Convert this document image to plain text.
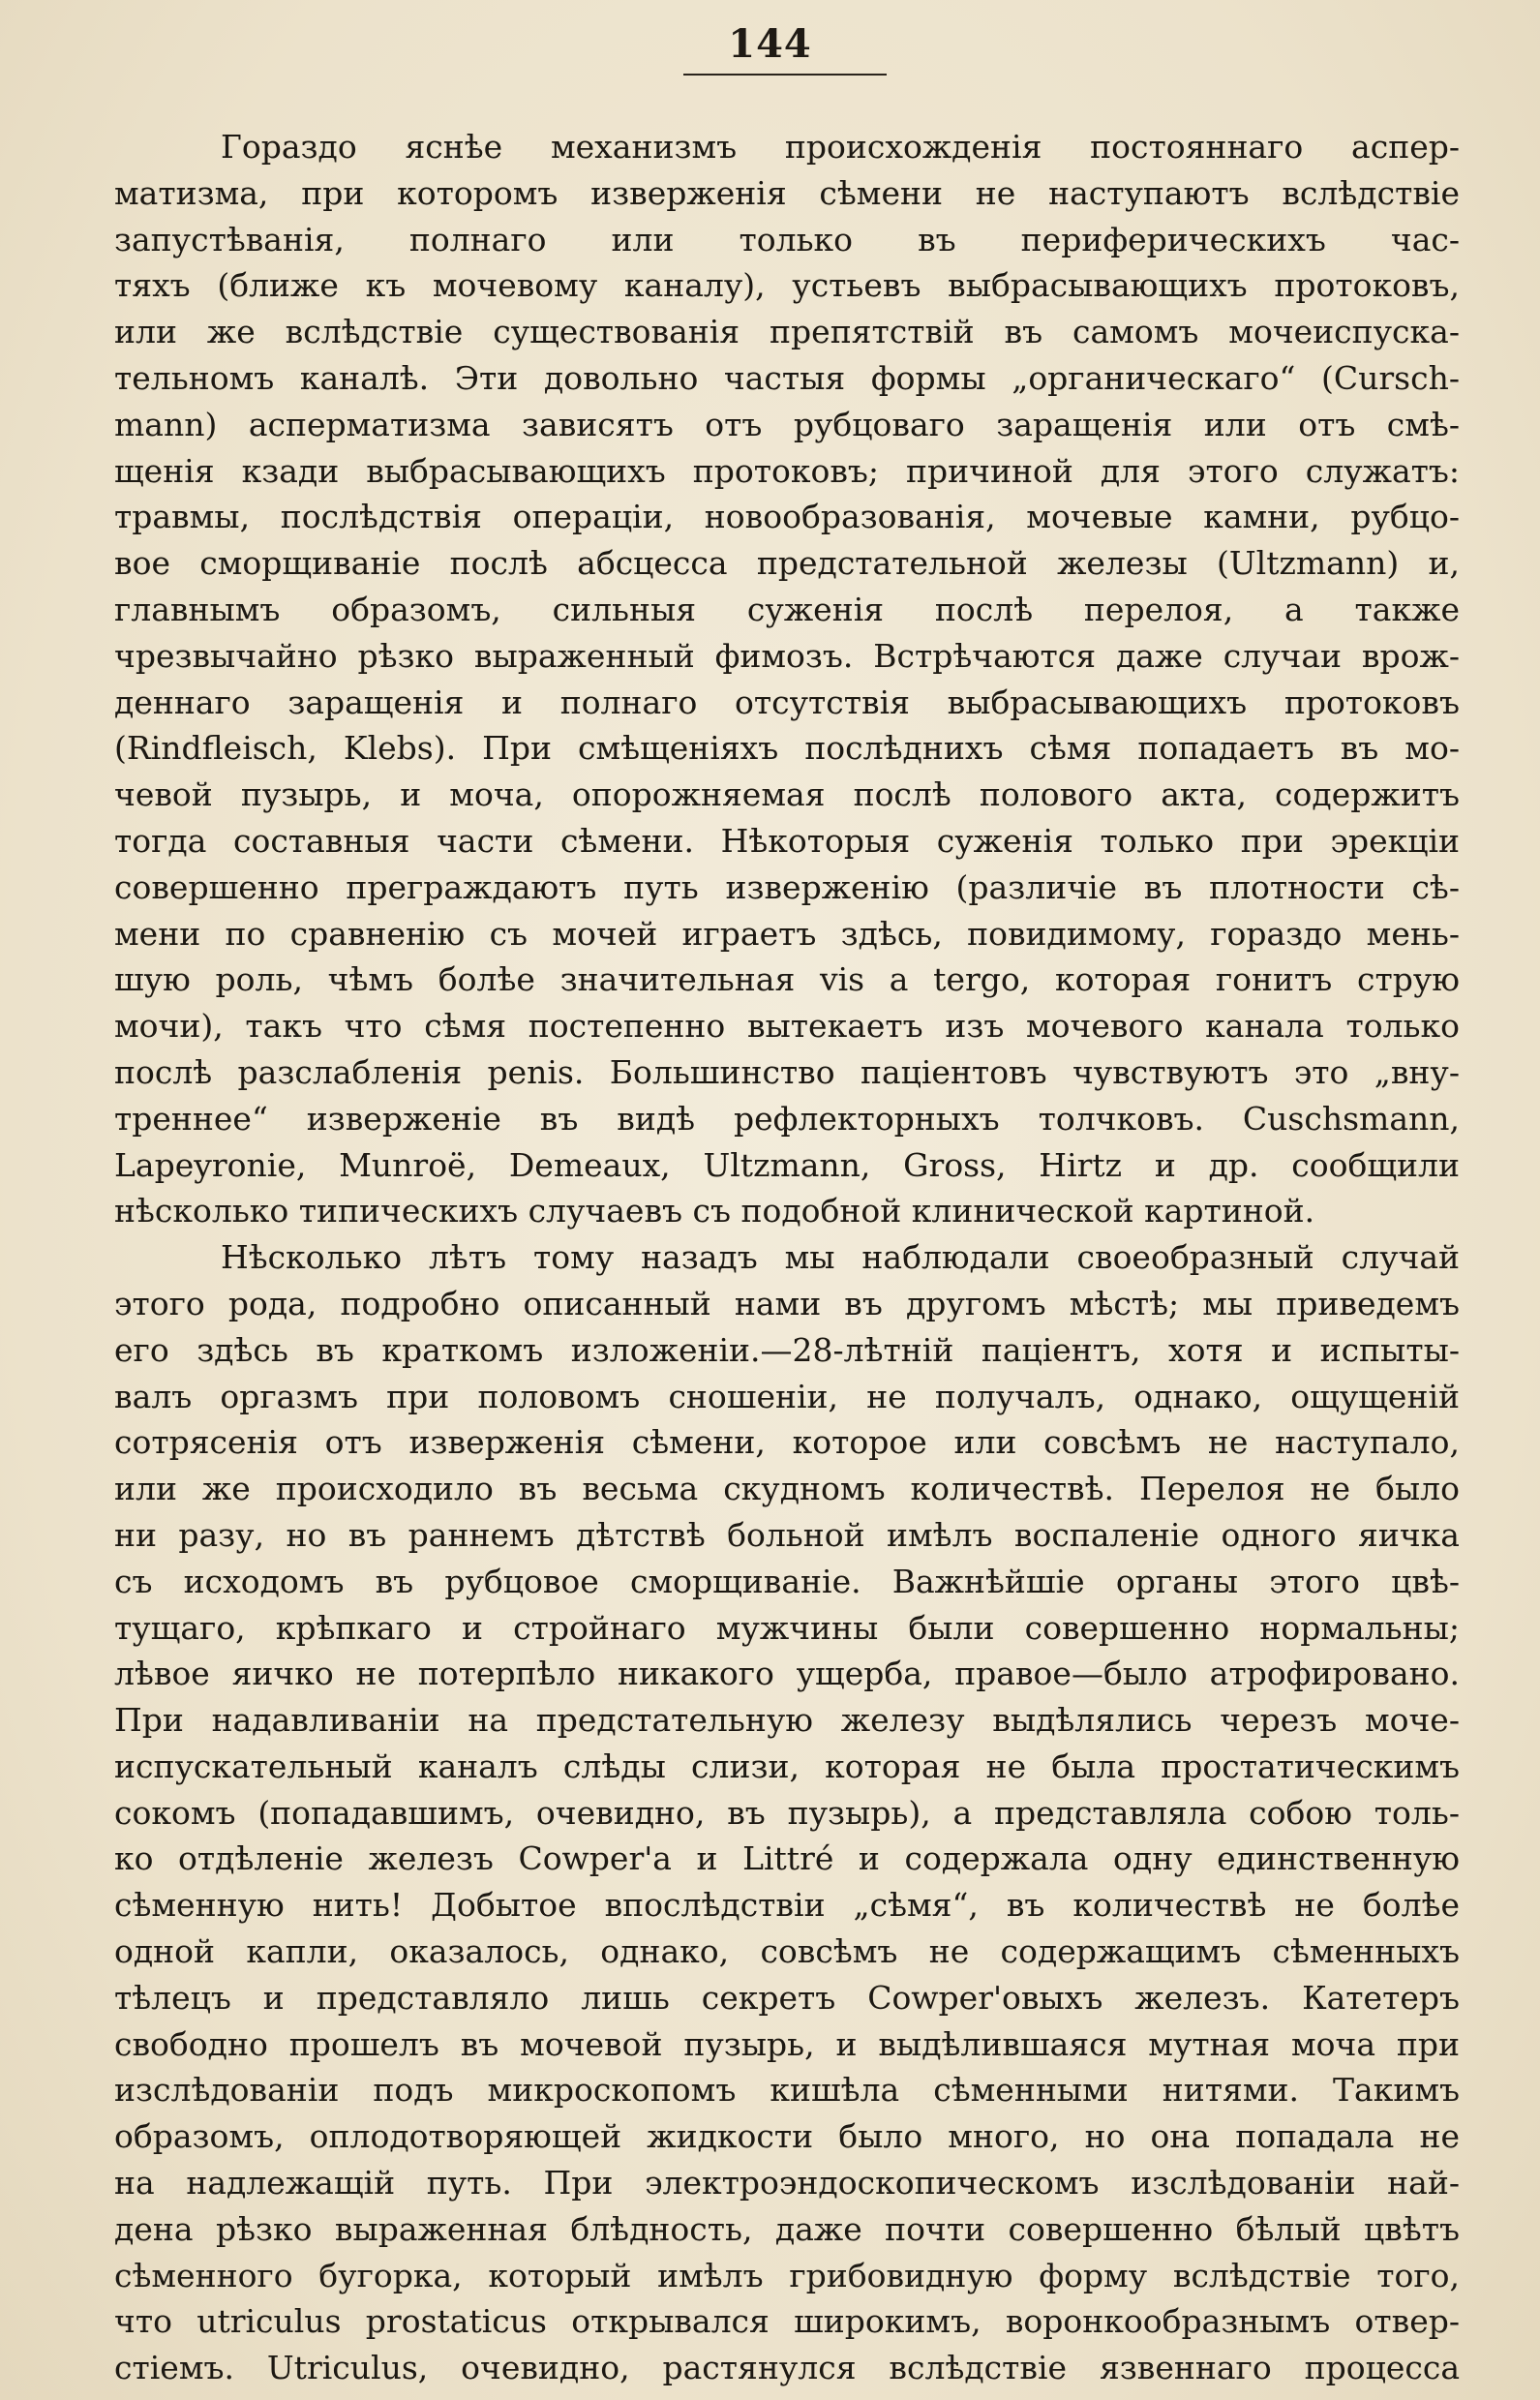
144
Гораздо яснѣе механизмъ происхожденія постояннаго аспер-
матизма, при которомъ изверженія сѣмени не наступаютъ вслѣдствіе
запустѣванія, полнаго или только въ периферическихъ час-
тяхъ (ближе къ мочевому каналу), устьевъ выбрасывающихъ протоковъ,
или же вслѣдствіе существованія препятствій въ самомъ мочеиспуска-
тельномъ каналѣ. Эти довольно частыя формы „органическаго“ (Cursch-
mann) асперматизма зависятъ отъ рубцоваго заращенія или отъ смѣ-
щенія кзади выбрасывающихъ протоковъ; причиной для этого служатъ:
травмы, послѣдствія операціи, новообразованія, мочевые камни, рубцо-
вое сморщиваніе послѣ абсцесса предстательной железы (Ultzmann) и,
главнымъ образомъ, сильныя суженія послѣ перелоя, а также
чрезвычайно рѣзко выраженный фимозъ. Встрѣчаются даже случаи врож-
деннаго заращенія и полнаго отсутствія выбрасывающихъ протоковъ
(Rindfleisch, Klebs). При смѣщеніяхъ послѣднихъ сѣмя попадаетъ въ мо-
чевой пузырь, и моча, опорожняемая послѣ полового акта, содержитъ
тогда составныя части сѣмени. Нѣкоторыя суженія только при эрекціи
совершенно преграждаютъ путь изверженію (различіе въ плотности сѣ-
мени по сравненію съ мочей играетъ здѣсь, повидимому, гораздо мень-
шую роль, чѣмъ болѣе значительная vis a tergo, которая гонитъ струю
мочи), такъ что сѣмя постепенно вытекаетъ изъ мочевого канала только
послѣ разслабленія penis. Большинство паціентовъ чувствуютъ это „вну-
треннее“ изверженіе въ видѣ рефлекторныхъ толчковъ. Cuschsmann,
Lapeyronie, Munroë, Demeaux, Ultzmann, Gross, Hirtz и др. сообщили
нѣсколько типическихъ случаевъ съ подобной клинической картиной.
Нѣсколько лѣтъ тому назадъ мы наблюдали своеобразный случай
этого рода, подробно описанный нами въ другомъ мѣстѣ; мы приведемъ
его здѣсь въ краткомъ изложеніи.—28-лѣтній паціентъ, хотя и испыты-
валъ оргазмъ при половомъ сношеніи, не получалъ, однако, ощущеній
сотрясенія отъ изверженія сѣмени, которое или совсѣмъ не наступало,
или же происходило въ весьма скудномъ количествѣ. Перелоя не было
ни разу, но въ раннемъ дѣтствѣ больной имѣлъ воспаленіе одного яичка
съ исходомъ въ рубцовое сморщиваніе. Важнѣйшіе органы этого цвѣ-
тущаго, крѣпкаго и стройнаго мужчины были совершенно нормальны;
лѣвое яичко не потерпѣло никакого ущерба, правое—было атрофировано.
При надавливаніи на предстательную железу выдѣлялись черезъ моче-
испускательный каналъ слѣды слизи, которая не была простатическимъ
сокомъ (попадавшимъ, очевидно, въ пузырь), а представляла собою толь-
ко отдѣленіе железъ Cowper'а и Littré и содержала одну единственную
сѣменную нить! Добытое впослѣдствіи „сѣмя“, въ количествѣ не болѣе
одной капли, оказалось, однако, совсѣмъ не содержащимъ сѣменныхъ
тѣлецъ и представляло лишь секретъ Cowper'овыхъ железъ. Катетеръ
свободно прошелъ въ мочевой пузырь, и выдѣлившаяся мутная моча при
изслѣдованіи подъ микроскопомъ кишѣла сѣменными нитями. Такимъ
образомъ, оплодотворяющей жидкости было много, но она попадала не
на надлежащій путь. При электроэндоскопическомъ изслѣдованіи най-
дена рѣзко выраженная блѣдность, даже почти совершенно бѣлый цвѣтъ
сѣменного бугорка, который имѣлъ грибовидную форму вслѣдствіе того,
что utriculus prostaticus открывался широкимъ, воронкообразнымъ отвер-
стіемъ. Utriculus, очевидно, растянулся вслѣдствіе язвеннаго процесса
